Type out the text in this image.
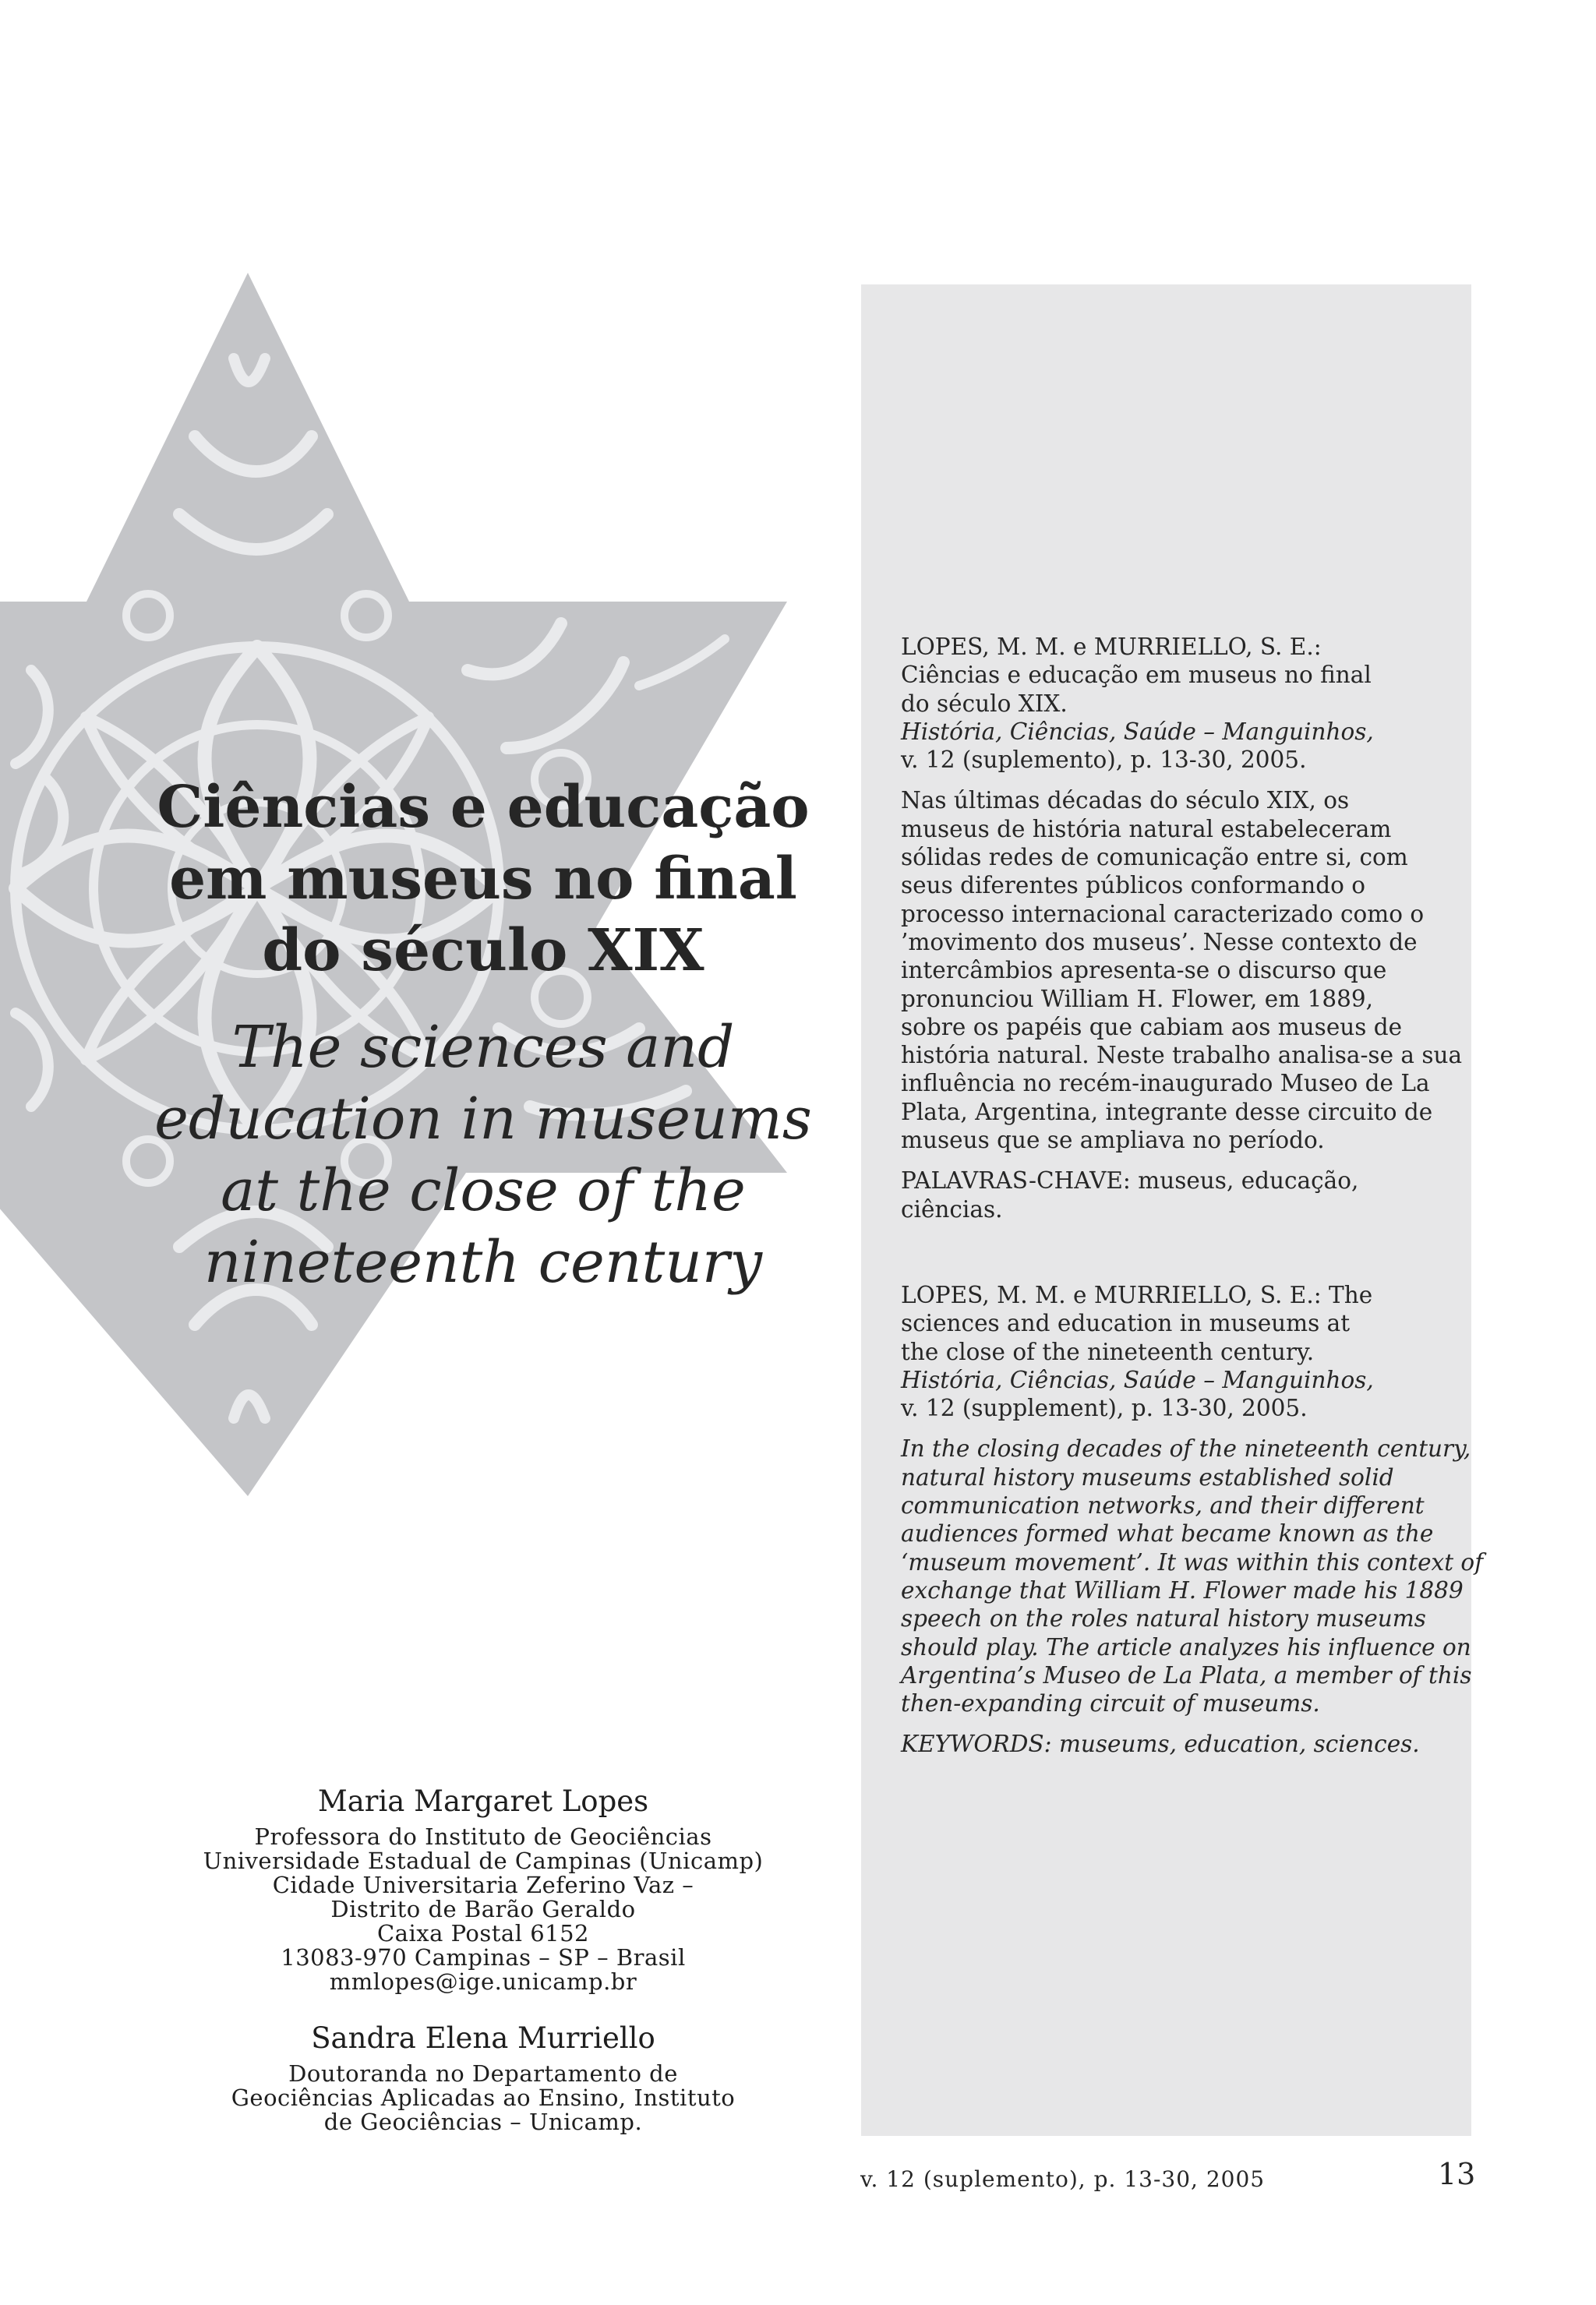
Ciências e educação
em museus no final
do século XIX
The sciences and
education in museums
at the close of the
nineteenth century
Maria Margaret Lopes
Professora do Instituto de Geociências
Universidade Estadual de Campinas (Unicamp)
Cidade Universitaria Zeferino Vaz –
Distrito de Barão Geraldo
Caixa Postal 6152
13083-970 Campinas – SP – Brasil
mmlopes@ige.unicamp.br
Sandra Elena Murriello
Doutoranda no Departamento de
Geociências Aplicadas ao Ensino, Instituto
de Geociências – Unicamp.

LOPES, M. M. e MURRIELLO, S. E.:
Ciências e educação em museus no final
do século XIX.
História, Ciências, Saúde – Manguinhos,
v. 12 (suplemento), p. 13-30, 2005.

Nas últimas décadas do século XIX, os
museus de história natural estabeleceram
sólidas redes de comunicação entre si, com
seus diferentes públicos conformando o
processo internacional caracterizado como o
’movimento dos museus’. Nesse contexto de
intercâmbios apresenta-se o discurso que
pronunciou William H. Flower, em 1889,
sobre os papéis que cabiam aos museus de
história natural. Neste trabalho analisa-se a sua
influência no recém-inaugurado Museo de La
Plata, Argentina, integrante desse circuito de
museus que se ampliava no período.

PALAVRAS-CHAVE: museus, educação,
ciências.

LOPES, M. M. e MURRIELLO, S. E.: The
sciences and education in museums at
the close of the nineteenth century.
História, Ciências, Saúde – Manguinhos,
v. 12 (supplement), p. 13-30, 2005.

In the closing decades of the nineteenth century,
natural history museums established solid
communication networks, and their different
audiences formed what became known as the
‘museum movement’. It was within this context of
exchange that William H. Flower made his 1889
speech on the roles natural history museums
should play. The article analyzes his influence on
Argentina’s Museo de La Plata, a member of this
then-expanding circuit of museums.

KEYWORDS: museums, education, sciences.

v. 12 (suplemento), p. 13-30, 2005	13
